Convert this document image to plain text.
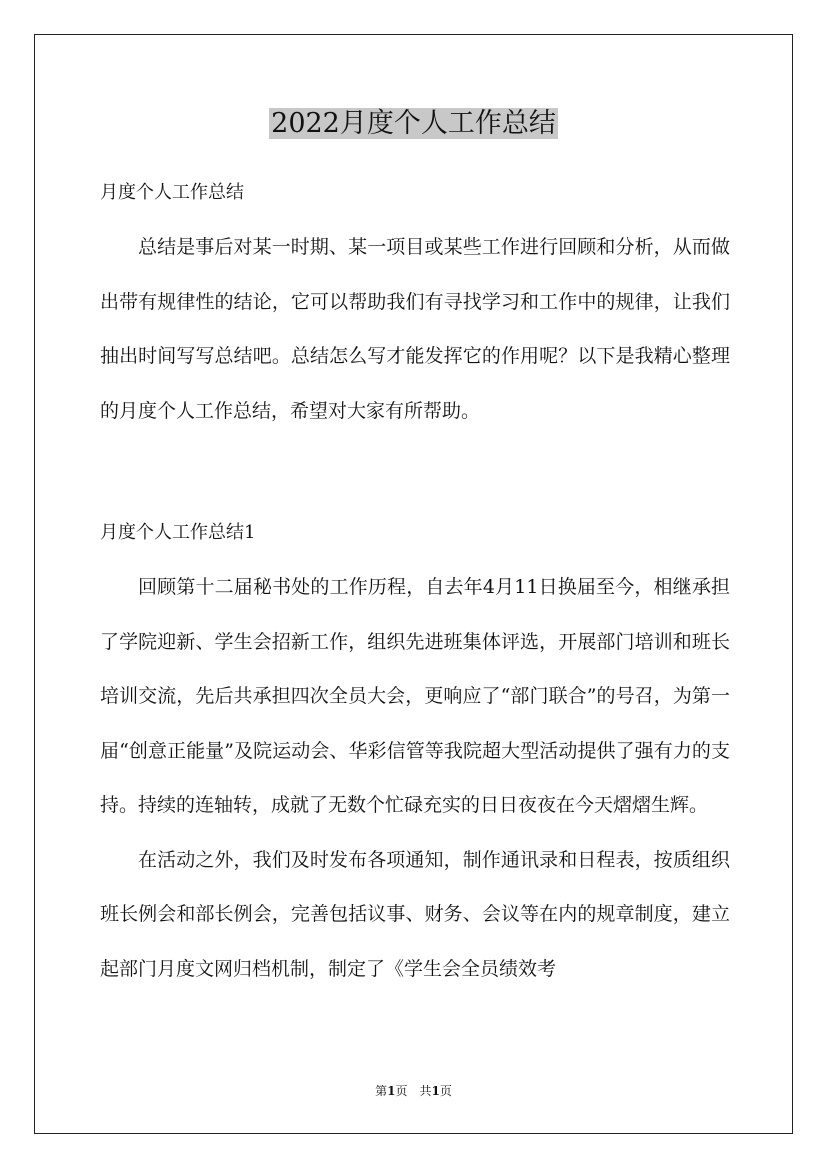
2022月度个人工作总结

月度个人工作总结

总结是事后对某一时期、某一项目或某些工作进行回顾和分析，从而做出带有规律性的结论，它可以帮助我们有寻找学习和工作中的规律，让我们抽出时间写写总结吧。总结怎么写才能发挥它的作用呢？以下是我精心整理的月度个人工作总结，希望对大家有所帮助。

月度个人工作总结1

回顾第十二届秘书处的工作历程，自去年4月11日换届至今，相继承担了学院迎新、学生会招新工作，组织先进班集体评选，开展部门培训和班长培训交流，先后共承担四次全员大会，更响应了“部门联合”的号召，为第一届“创意正能量”及院运动会、华彩信管等我院超大型活动提供了强有力的支持。持续的连轴转，成就了无数个忙碌充实的日日夜夜在今天熠熠生辉。

在活动之外，我们及时发布各项通知，制作通讯录和日程表，按质组织班长例会和部长例会，完善包括议事、财务、会议等在内的规章制度，建立起部门月度文网归档机制，制定了《学生会全员绩效考

第1页　共1页
